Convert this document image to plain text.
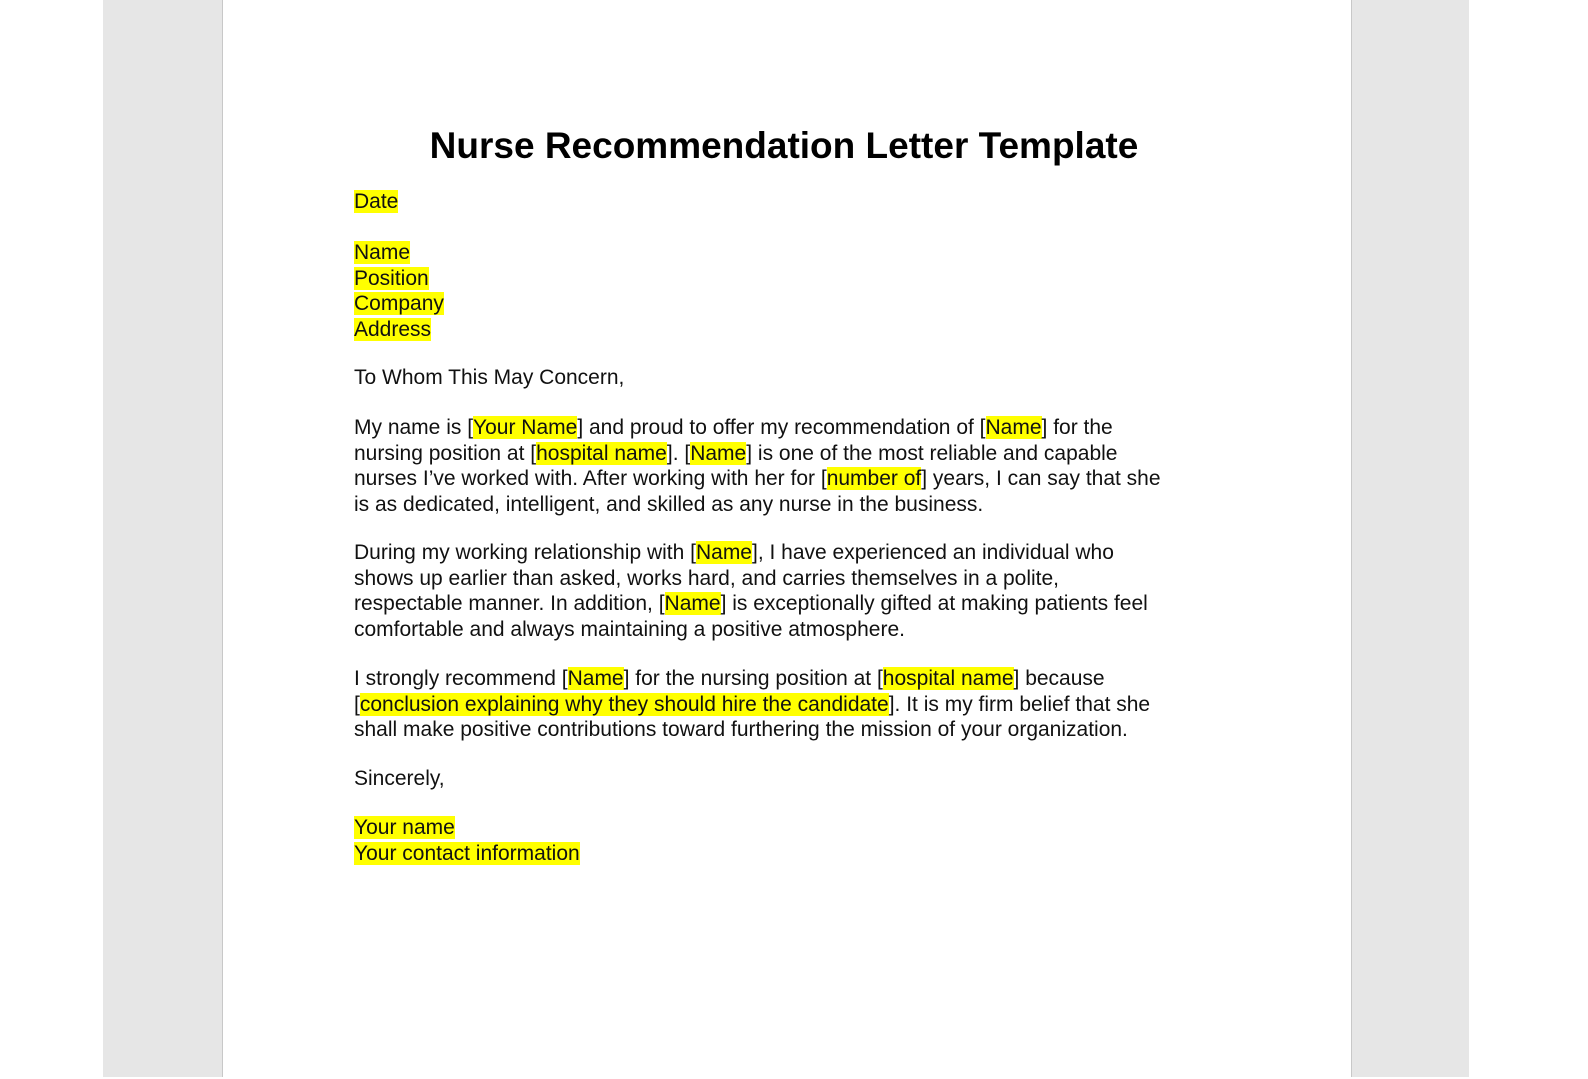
Nurse Recommendation Letter Template
Date
Name
Position
Company
Address
To Whom This May Concern,
My name is [Your Name] and proud to offer my recommendation of [Name] for the
nursing position at [hospital name]. [Name] is one of the most reliable and capable
nurses I’ve worked with. After working with her for [number of] years, I can say that she
is as dedicated, intelligent, and skilled as any nurse in the business.
During my working relationship with [Name], I have experienced an individual who
shows up earlier than asked, works hard, and carries themselves in a polite,
respectable manner. In addition, [Name] is exceptionally gifted at making patients feel
comfortable and always maintaining a positive atmosphere.
I strongly recommend [Name] for the nursing position at [hospital name] because
[conclusion explaining why they should hire the candidate]. It is my firm belief that she
shall make positive contributions toward furthering the mission of your organization.
Sincerely,
Your name
Your contact information
